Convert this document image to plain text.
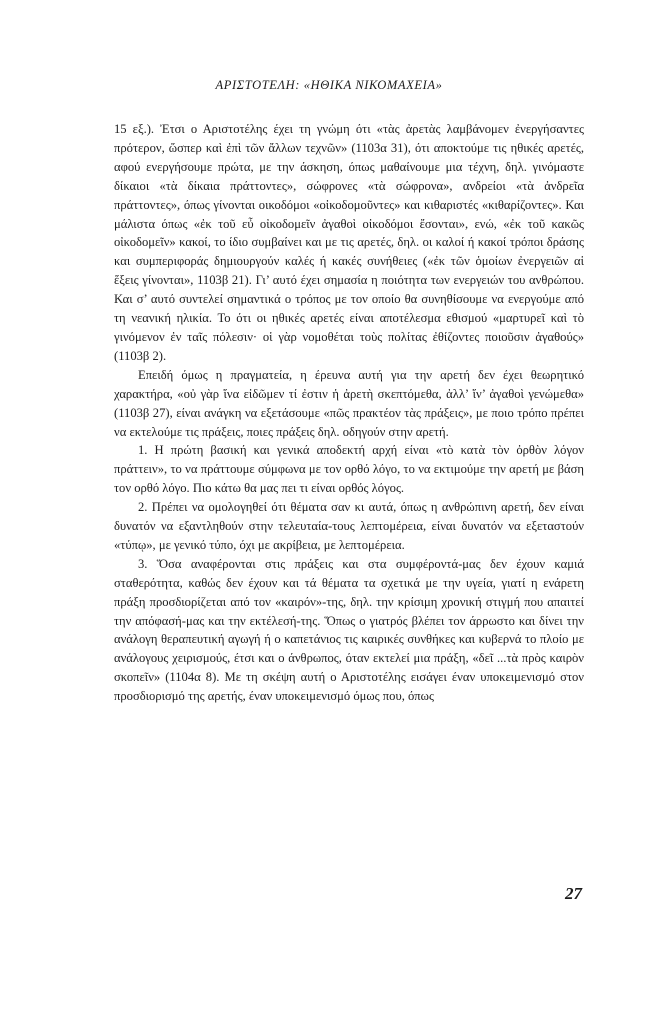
ΑΡΙΣΤΟΤΕΛΗ: «ΗΘΙΚΑ ΝΙΚΟΜΑΧΕΙΑ»

15 εξ.). Ἐτσι ο Αριστοτέλης έχει τη γνώμη ότι «τὰς ἀρετὰς λαμβάνομεν ἐνεργήσαντες πρότερον, ὥσπερ καὶ ἐπὶ τῶν ἄλλων τεχνῶν» (1103α 31), ότι αποκτούμε τις ηθικές αρετές, αφού ενεργήσουμε πρώτα, με την άσκηση, όπως μαθαίνουμε μια τέχνη, δηλ. γινόμαστε δίκαιοι «τὰ δίκαια πράττοντες», σώφρονες «τὰ σώφρονα», ανδρείοι «τὰ ἀνδρεῖα πράττοντες», όπως γίνονται οικοδόμοι «οἰκοδομοῦντες» και κιθαριστές «κιθαρίζοντες». Και μάλιστα όπως «ἐκ τοῦ εὖ οἰκοδομεῖν ἀγαθοὶ οἰκοδόμοι ἔσονται», ενώ, «ἐκ τοῦ κακῶς οἰκοδομεῖν» κακοί, το ίδιο συμβαίνει και με τις αρετές, δηλ. οι καλοί ή κακοί τρόποι δράσης και συμπεριφοράς δημιουργούν καλές ή κακές συνήθειες («ἐκ τῶν ὁμοίων ἐνεργειῶν αἱ ἕξεις γίνονται», 1103β 21). Γι’ αυτό έχει σημασία η ποιότητα των ενεργειών του ανθρώπου. Και σ’ αυτό συντελεί σημαντικά ο τρόπος με τον οποίο θα συνηθίσουμε να ενεργούμε από τη νεανική ηλικία. Το ότι οι ηθικές αρετές είναι αποτέλεσμα εθισμού «μαρτυρεῖ καὶ τὸ γινόμενον ἐν ταῖς πόλεσιν· οἱ γὰρ νομοθέται τοὺς πολίτας ἐθίζοντες ποιοῦσιν ἀγαθούς» (1103β 2).

Επειδή όμως η πραγματεία, η έρευνα αυτή για την αρετή δεν έχει θεωρητικό χαρακτήρα, «οὐ γὰρ ἵνα εἰδῶμεν τί ἐστιν ἡ ἀρετὴ σκεπτόμεθα, ἀλλ’ ἵν’ ἀγαθοὶ γενώμεθα» (1103β 27), είναι ανάγκη να εξετάσουμε «πῶς πρακτέον τὰς πράξεις», με ποιο τρόπο πρέπει να εκτελούμε τις πράξεις, ποιες πράξεις δηλ. οδηγούν στην αρετή.

1. Η πρώτη βασική και γενικά αποδεκτή αρχή είναι «τὸ κατὰ τὸν ὀρθὸν λόγον πράττειν», το να πράττουμε σύμφωνα με τον ορθό λόγο, το να εκτιμούμε την αρετή με βάση τον ορθό λόγο. Πιο κάτω θα μας πει τι είναι ορθός λόγος.

2. Πρέπει να ομολογηθεί ότι θέματα σαν κι αυτά, όπως η ανθρώπινη αρετή, δεν είναι δυνατόν να εξαντληθούν στην τελευταία-τους λεπτομέρεια, είναι δυνατόν να εξεταστούν «τύπῳ», με γενικό τύπο, όχι με ακρίβεια, με λεπτομέρεια.

3. Ὅσα αναφέρονται στις πράξεις και στα συμφέροντά-μας δεν έχουν καμιά σταθερότητα, καθώς δεν έχουν και τά θέματα τα σχετικά με την υγεία, γιατί η ενάρετη πράξη προσδιορίζεται από τον «καιρόν»-της, δηλ. την κρίσιμη χρονική στιγμή που απαιτεί την απόφασή-μας και την εκτέλεσή-της. Ὅπως ο γιατρός βλέπει τον άρρωστο και δίνει την ανάλογη θεραπευτική αγωγή ή ο καπετάνιος τις καιρικές συνθήκες και κυβερνά το πλοίο με ανάλογους χειρισμούς, έτσι και ο άνθρωπος, όταν εκτελεί μια πράξη, «δεῖ ...τὰ πρὸς καιρὸν σκοπεῖν» (1104α 8). Με τη σκέψη αυτή ο Αριστοτέλης εισάγει έναν υποκειμενισμό στον προσδιορισμό της αρετής, έναν υποκειμενισμό όμως που, όπως

27
